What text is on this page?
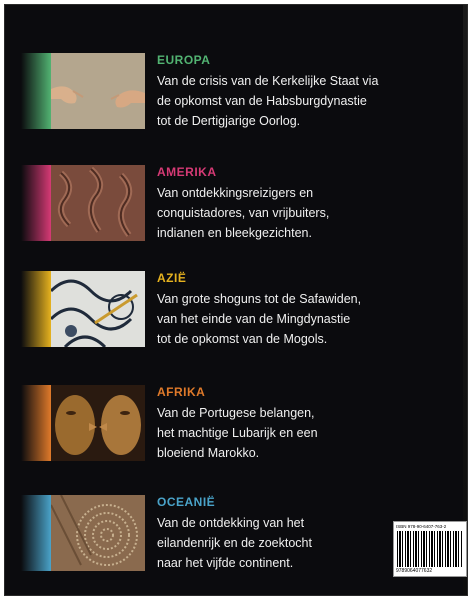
EUROPA
Van de crisis van de Kerkelijke Staat via
de opkomst van de Habsburgdynastie
tot de Dertigjarige Oorlog.
AMERIKA
Van ontdekkingsreizigers en
conquistadores, van vrijbuiters,
indianen en bleekgezichten.
AZIË
Van grote shoguns tot de Safawiden,
van het einde van de Mingdynastie
tot de opkomst van de Mogols.
AFRIKA
Van de Portugese belangen,
het machtige Lubarijk en een
bloeiend Marokko.
OCEANIË
Van de ontdekking van het
eilandenrijk en de zoektocht
naar het vijfde continent.
ISBN 978-90-6407-763-2
9789064077632
